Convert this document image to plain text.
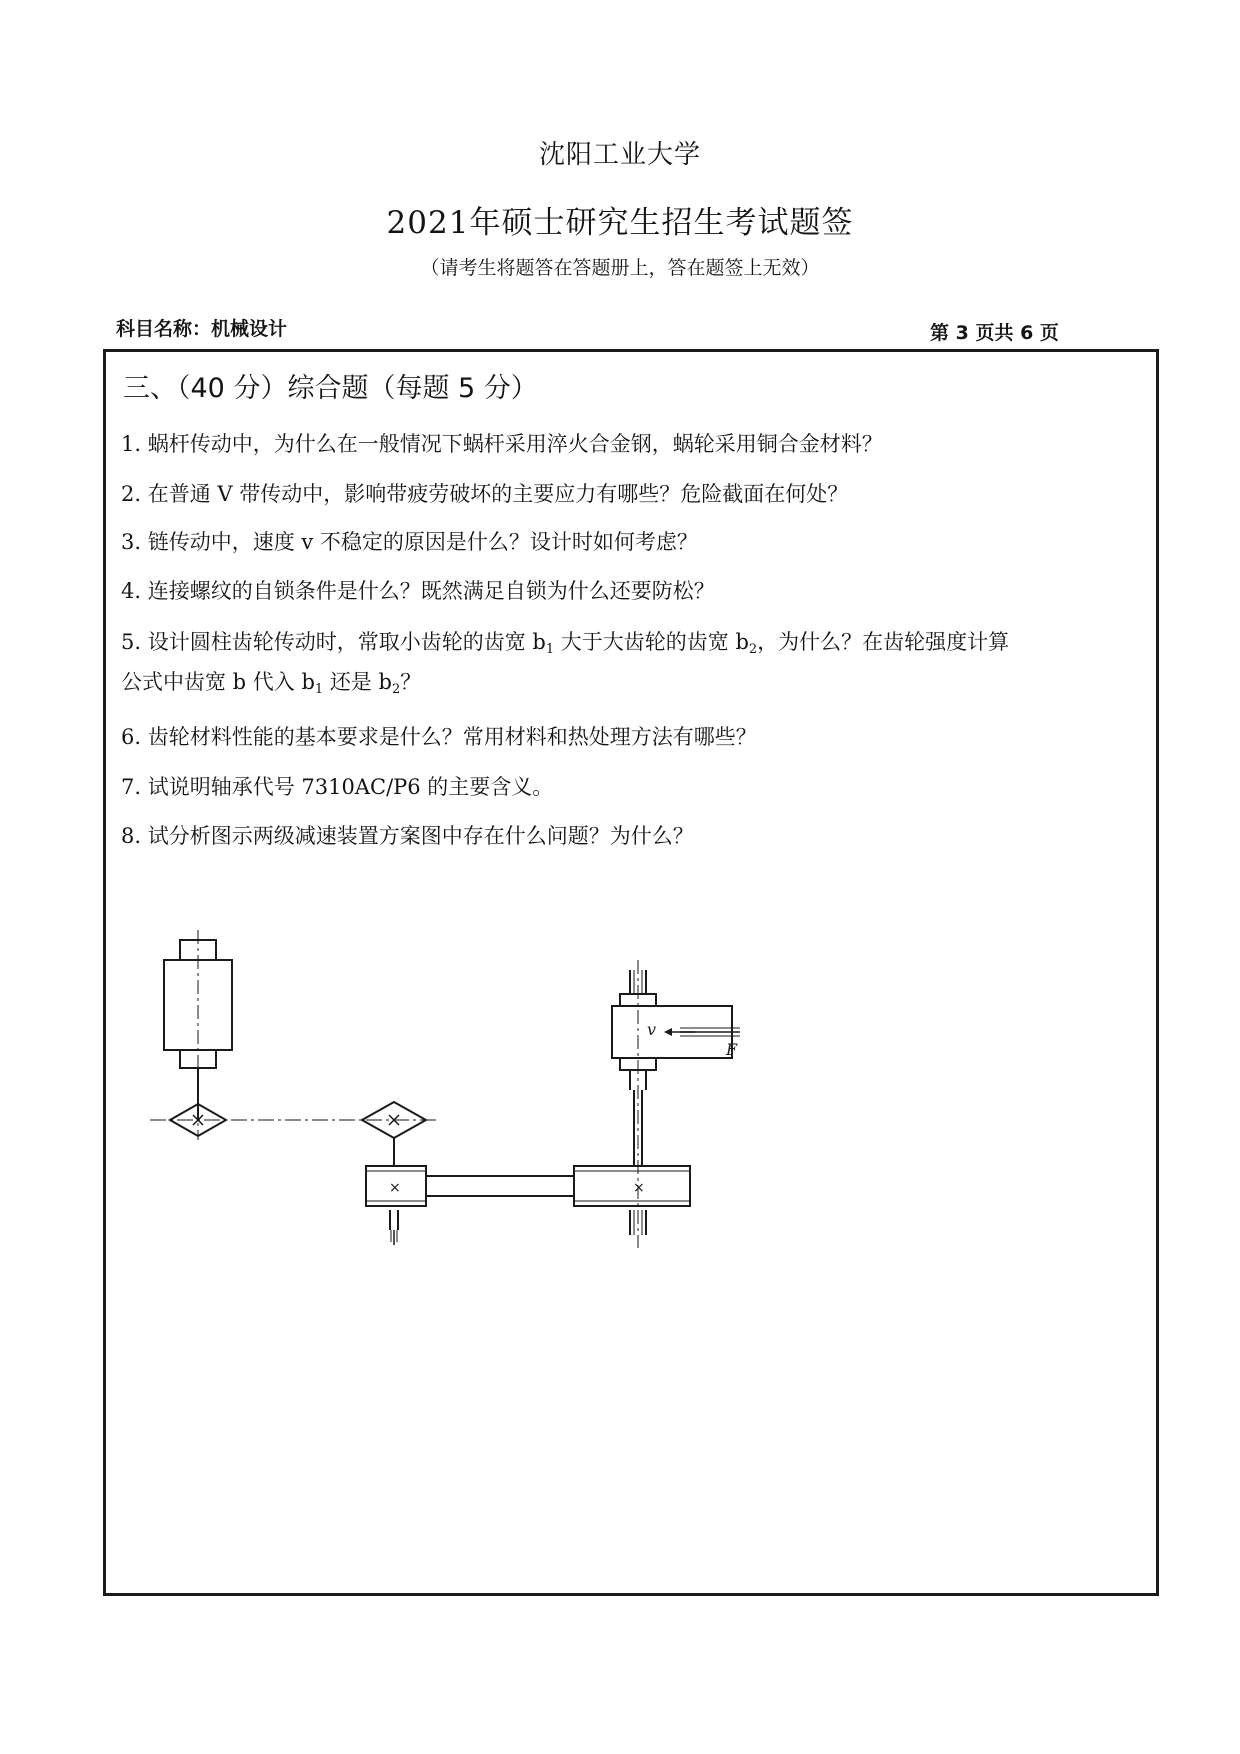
沈阳工业大学
2021年硕士研究生招生考试题签
（请考生将题答在答题册上，答在题签上无效）
科目名称：机械设计	第 3 页共 6 页
三、（40 分）综合题（每题 5 分）
1. 蜗杆传动中，为什么在一般情况下蜗杆采用淬火合金钢，蜗轮采用铜合金材料？
2. 在普通 V 带传动中，影响带疲劳破坏的主要应力有哪些？危险截面在何处？
3. 链传动中，速度 v 不稳定的原因是什么？设计时如何考虑？
4. 连接螺纹的自锁条件是什么？既然满足自锁为什么还要防松？
5. 设计圆柱齿轮传动时，常取小齿轮的齿宽 $b_1$ 大于大齿轮的齿宽 $b_2$，为什么？在齿轮强度计算
公式中齿宽 b 代入 $b_1$ 还是 $b_2$？
6. 齿轮材料性能的基本要求是什么？常用材料和热处理方法有哪些？
7. 试说明轴承代号 7310AC/P6 的主要含义。
8. 试分析图示两级减速装置方案图中存在什么问题？为什么？
×	×
v
F
